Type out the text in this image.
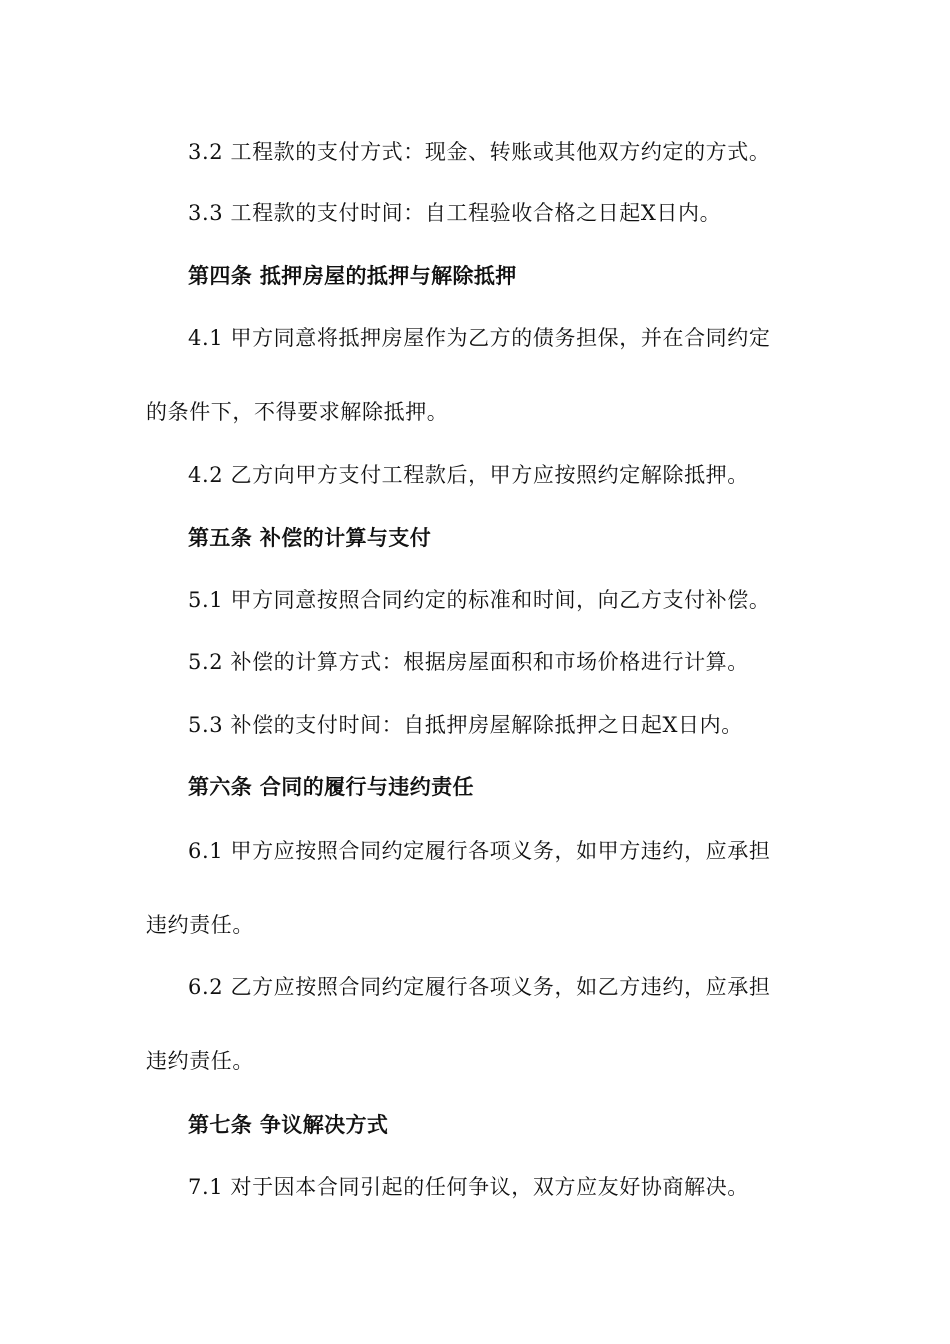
3.2 工程款的支付方式：现金、转账或其他双方约定的方式。
3.3 工程款的支付时间：自工程验收合格之日起X日内。
第四条 抵押房屋的抵押与解除抵押
4.1 甲方同意将抵押房屋作为乙方的债务担保，并在合同约定
的条件下，不得要求解除抵押。
4.2 乙方向甲方支付工程款后，甲方应按照约定解除抵押。
第五条 补偿的计算与支付
5.1 甲方同意按照合同约定的标准和时间，向乙方支付补偿。
5.2 补偿的计算方式：根据房屋面积和市场价格进行计算。
5.3 补偿的支付时间：自抵押房屋解除抵押之日起X日内。
第六条 合同的履行与违约责任
6.1 甲方应按照合同约定履行各项义务，如甲方违约，应承担
违约责任。
6.2 乙方应按照合同约定履行各项义务，如乙方违约，应承担
违约责任。
第七条 争议解决方式
7.1 对于因本合同引起的任何争议，双方应友好协商解决。
